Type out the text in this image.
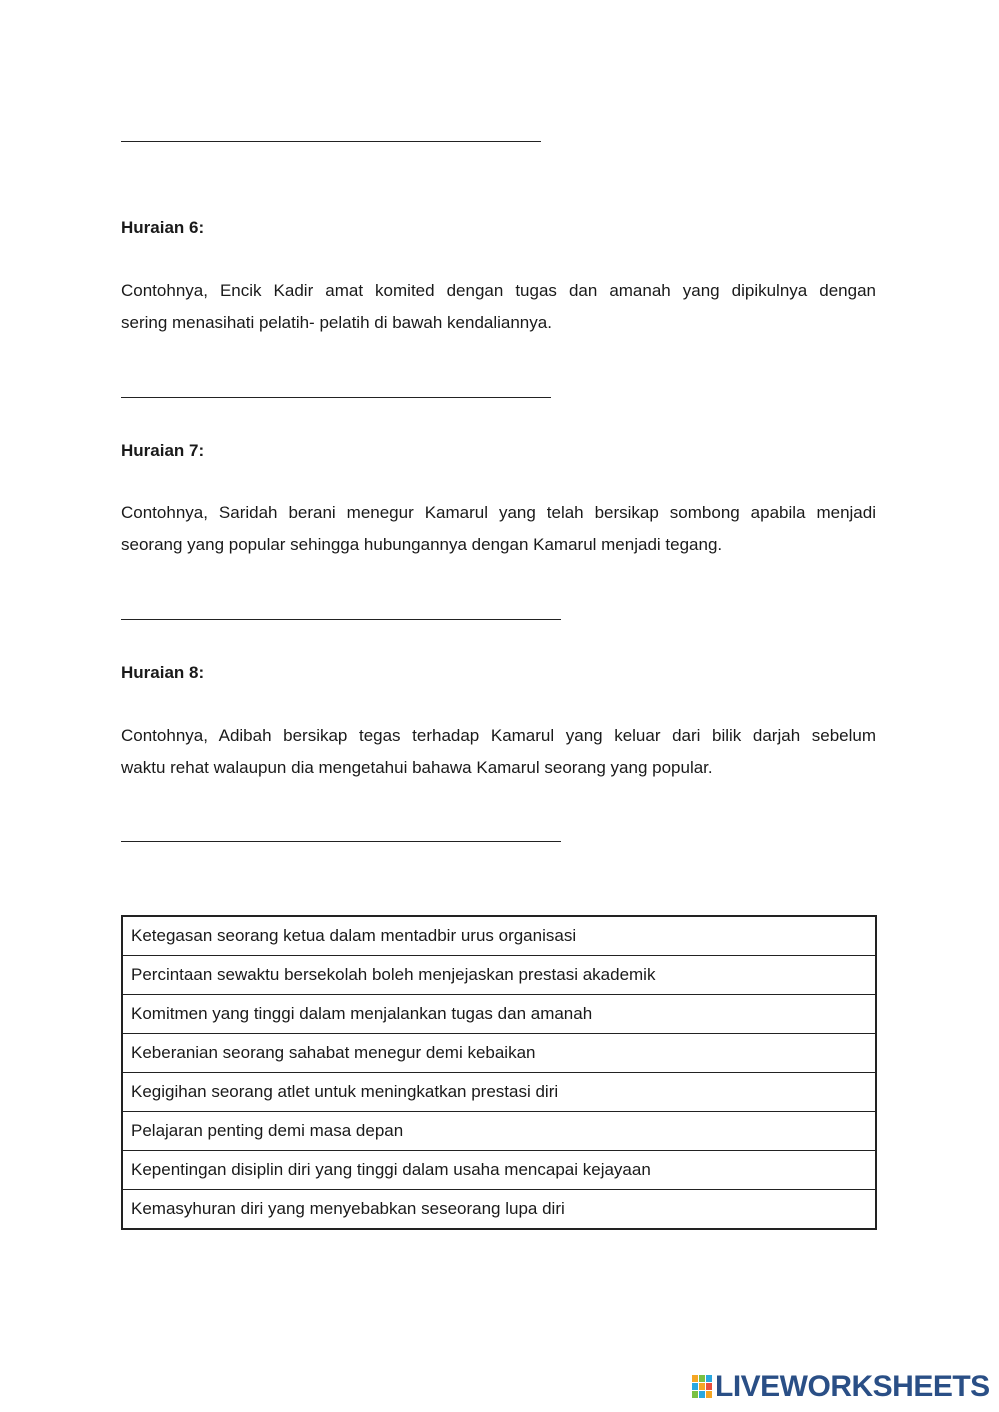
Huraian 6:
Contohnya, Encik Kadir amat komited dengan tugas dan amanah yang dipikulnya dengan
sering menasihati pelatih- pelatih di bawah kendaliannya.
Huraian 7:
Contohnya, Saridah berani menegur Kamarul yang telah bersikap sombong apabila menjadi
seorang yang popular sehingga hubungannya dengan Kamarul menjadi tegang.
Huraian 8:
Contohnya, Adibah bersikap tegas terhadap Kamarul yang keluar dari bilik darjah sebelum
waktu rehat walaupun dia mengetahui bahawa Kamarul seorang yang popular.
Ketegasan seorang ketua dalam mentadbir urus organisasi
Percintaan sewaktu bersekolah boleh menjejaskan prestasi akademik
Komitmen yang tinggi dalam menjalankan tugas dan amanah
Keberanian seorang sahabat menegur demi kebaikan
Kegigihan seorang atlet untuk meningkatkan prestasi diri
Pelajaran penting demi masa depan
Kepentingan disiplin diri yang tinggi dalam usaha mencapai kejayaan
Kemasyhuran diri yang menyebabkan seseorang lupa diri
LIVEWORKSHEETS
